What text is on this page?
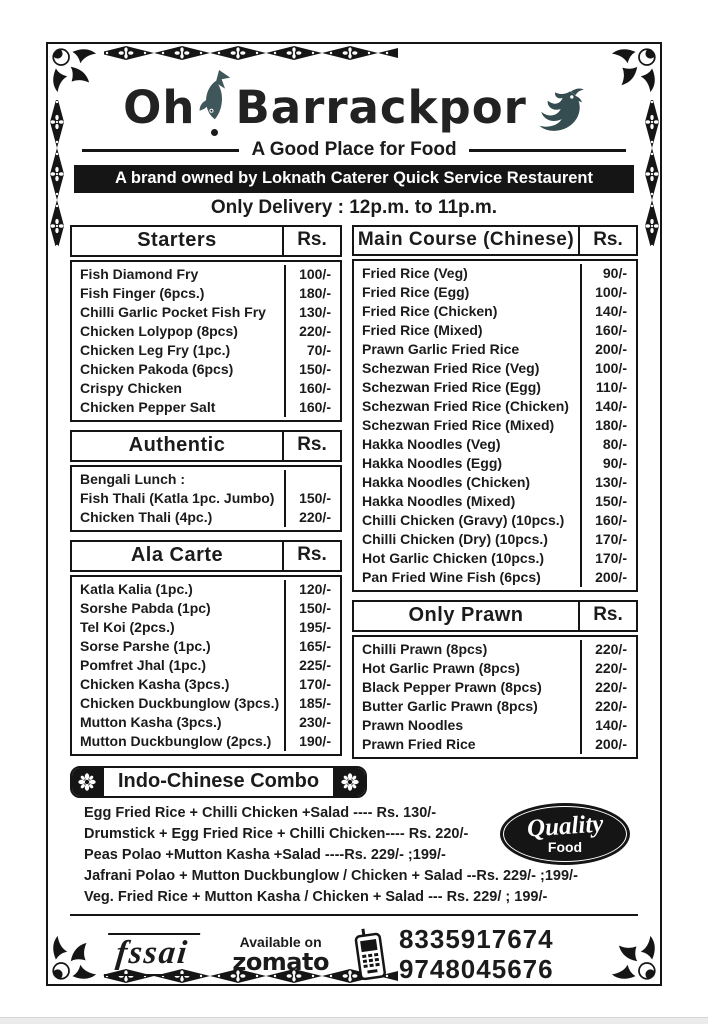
Oh Barrackpor
A Good Place for Food
A brand owned by Loknath Caterer Quick Service Restaurent
Only Delivery : 12p.m. to 11p.m.
Starters	Rs.
Fish Diamond Fry	100/-
Fish Finger (6pcs.)	180/-
Chilli Garlic Pocket Fish Fry	130/-
Chicken Lolypop (8pcs)	220/-
Chicken Leg Fry (1pc.)	70/-
Chicken Pakoda (6pcs)	150/-
Crispy Chicken	160/-
Chicken Pepper Salt	160/-
Authentic	Rs.
Bengali Lunch :
Fish Thali (Katla 1pc. Jumbo)	150/-
Chicken Thali (4pc.)	220/-
Ala Carte	Rs.
Katla Kalia (1pc.)	120/-
Sorshe Pabda (1pc)	150/-
Tel Koi (2pcs.)	195/-
Sorse Parshe (1pc.)	165/-
Pomfret Jhal (1pc.)	225/-
Chicken Kasha (3pcs.)	170/-
Chicken Duckbunglow (3pcs.)	185/-
Mutton Kasha (3pcs.)	230/-
Mutton Duckbunglow (2pcs.)	190/-
Main Course (Chinese)	Rs.
Fried Rice (Veg)	90/-
Fried Rice (Egg)	100/-
Fried Rice (Chicken)	140/-
Fried Rice (Mixed)	160/-
Prawn Garlic Fried Rice	200/-
Schezwan Fried Rice (Veg)	100/-
Schezwan Fried Rice (Egg)	110/-
Schezwan Fried Rice (Chicken)	140/-
Schezwan Fried Rice (Mixed)	180/-
Hakka Noodles (Veg)	80/-
Hakka Noodles (Egg)	90/-
Hakka Noodles (Chicken)	130/-
Hakka Noodles (Mixed)	150/-
Chilli Chicken (Gravy) (10pcs.)	160/-
Chilli Chicken (Dry) (10pcs.)	170/-
Hot Garlic Chicken (10pcs.)	170/-
Pan Fried Wine Fish (6pcs)	200/-
Only Prawn	Rs.
Chilli Prawn (8pcs)	220/-
Hot Garlic Prawn (8pcs)	220/-
Black Pepper Prawn (8pcs)	220/-
Butter Garlic Prawn (8pcs)	220/-
Prawn Noodles	140/-
Prawn Fried Rice	200/-
Indo-Chinese Combo
Quality
Food
Egg Fried Rice + Chilli Chicken +Salad ---- Rs. 130/-
Drumstick + Egg Fried Rice + Chilli Chicken---- Rs. 220/-
Peas Polao +Mutton Kasha +Salad ----Rs. 229/- ;199/-
Jafrani Polao + Mutton Duckbunglow / Chicken + Salad --Rs. 229/- ;199/-
Veg. Fried Rice + Mutton Kasha / Chicken + Salad --- Rs. 229/ ; 199/-
fssai	Available on
zomato
8335917674
9748045676
